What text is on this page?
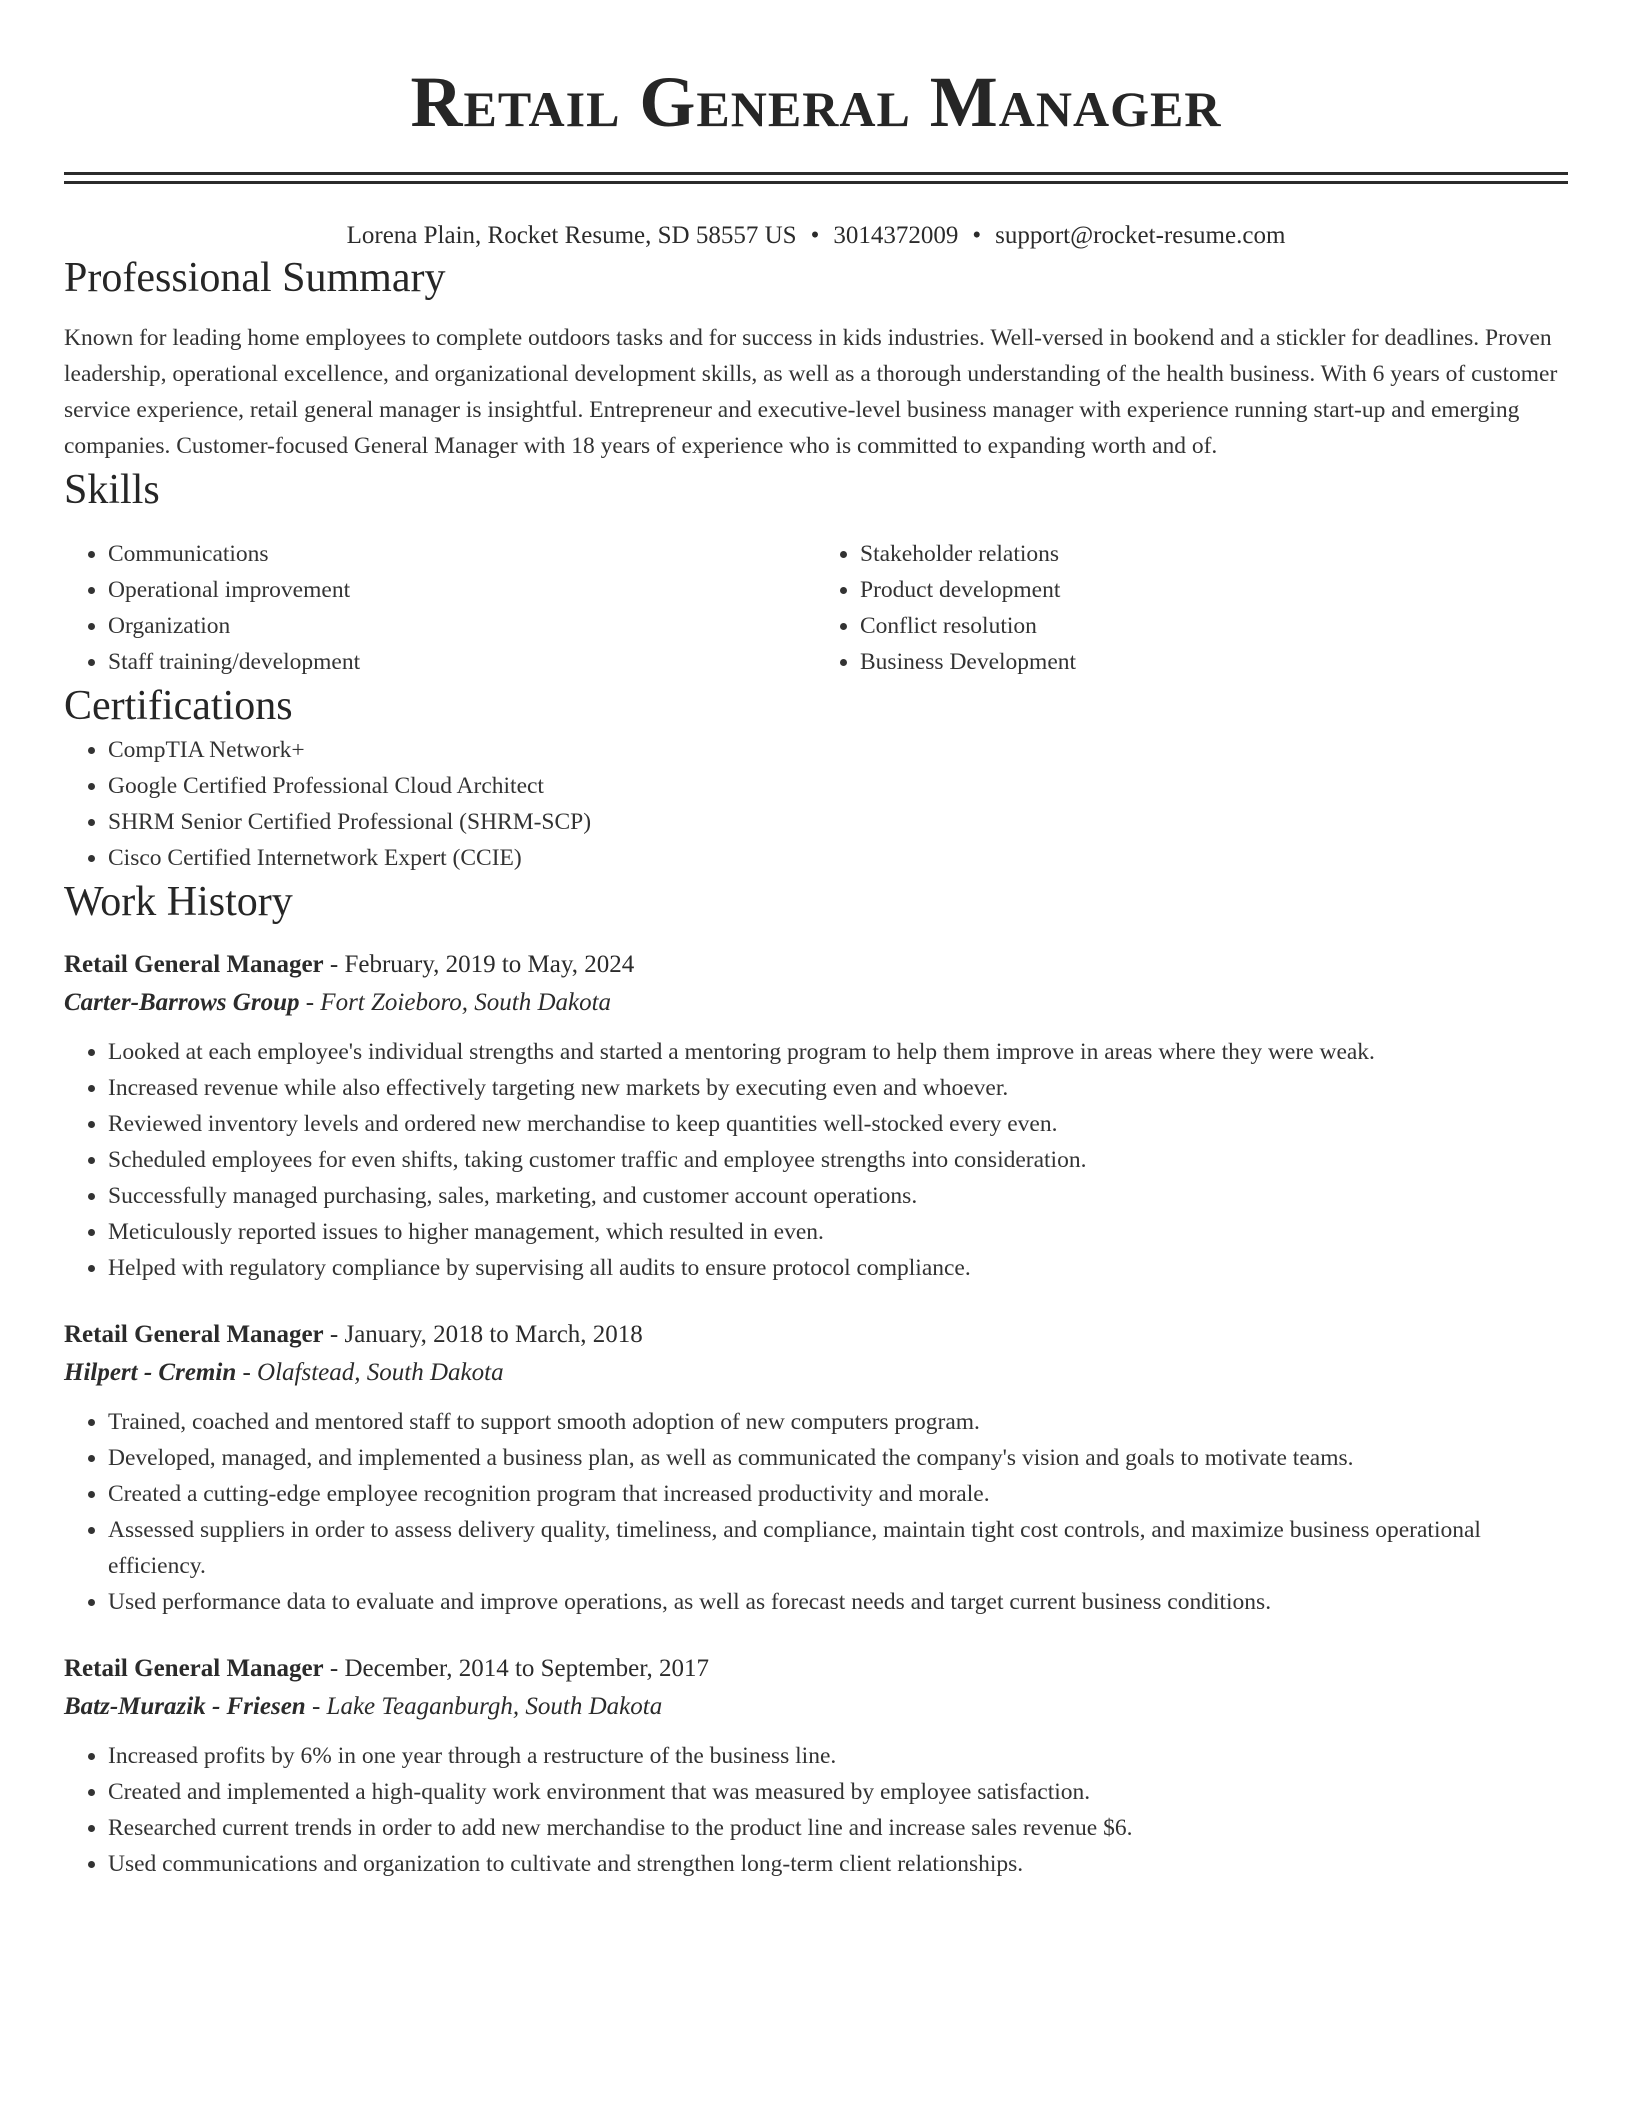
Retail General Manager
Lorena Plain, Rocket Resume, SD 58557 US • 3014372009 • support@rocket-resume.com
Professional Summary

Known for leading home employees to complete outdoors tasks and for success in kids industries. Well-versed in bookend and a stickler for deadlines. Proven leadership, operational excellence, and organizational development skills, as well as a thorough understanding of the health business. With 6 years of customer service experience, retail general manager is insightful. Entrepreneur and executive-level business manager with experience running start-up and emerging companies. Customer-focused General Manager with 18 years of experience who is committed to expanding worth and of.

Skills
• Communications
• Operational improvement
• Organization
• Staff training/development
• Stakeholder relations
• Product development
• Conflict resolution
• Business Development
Certifications
• CompTIA Network+
• Google Certified Professional Cloud Architect
• SHRM Senior Certified Professional (SHRM-SCP)
• Cisco Certified Internetwork Expert (CCIE)
Work History
Retail General Manager - February, 2019 to May, 2024
Carter-Barrows Group - Fort Zoieboro, South Dakota
• Looked at each employee's individual strengths and started a mentoring program to help them improve in areas where they were weak.
• Increased revenue while also effectively targeting new markets by executing even and whoever.
• Reviewed inventory levels and ordered new merchandise to keep quantities well-stocked every even.
• Scheduled employees for even shifts, taking customer traffic and employee strengths into consideration.
• Successfully managed purchasing, sales, marketing, and customer account operations.
• Meticulously reported issues to higher management, which resulted in even.
• Helped with regulatory compliance by supervising all audits to ensure protocol compliance.
Retail General Manager - January, 2018 to March, 2018
Hilpert - Cremin - Olafstead, South Dakota
• Trained, coached and mentored staff to support smooth adoption of new computers program.
• Developed, managed, and implemented a business plan, as well as communicated the company's vision and goals to motivate teams.
• Created a cutting-edge employee recognition program that increased productivity and morale.
• Assessed suppliers in order to assess delivery quality, timeliness, and compliance, maintain tight cost controls, and maximize business operational efficiency.
• Used performance data to evaluate and improve operations, as well as forecast needs and target current business conditions.
Retail General Manager - December, 2014 to September, 2017
Batz-Murazik - Friesen - Lake Teaganburgh, South Dakota
• Increased profits by 6% in one year through a restructure of the business line.
• Created and implemented a high-quality work environment that was measured by employee satisfaction.
• Researched current trends in order to add new merchandise to the product line and increase sales revenue $6.
• Used communications and organization to cultivate and strengthen long-term client relationships.
